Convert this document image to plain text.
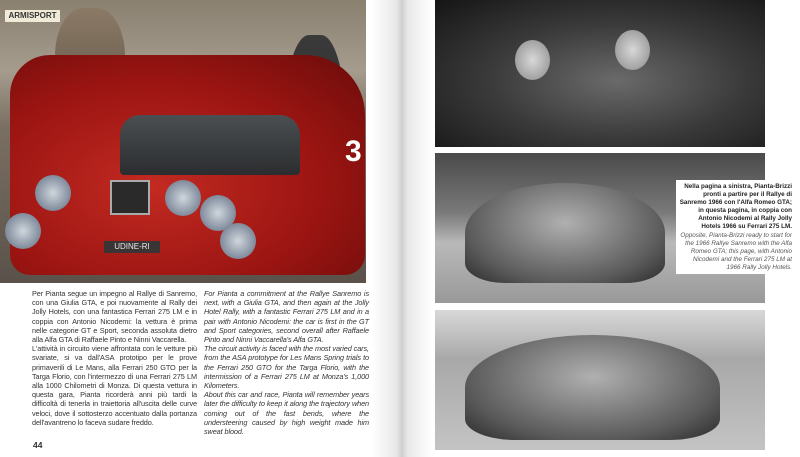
ARMISPORT
UDINE-RI
3
Nella pagina a sinistra, Pianta-Brizzi pronti a partire per il Rallye di Sanremo 1966 con l'Alfa Romeo GTA; in questa pagina, in coppia con Antonio Nicodemi al Rally Jolly Hotels 1966 su Ferrari 275 LM.
Opposite, Pianta-Brizzi ready to start for the 1966 Rallye Sanremo with the Alfa Romeo GTA; this page, with Antonio Nicodemi and the Ferrari 275 LM at 1966 Rally Jolly Hotels.

Per Pianta segue un impegno al Rallye di Sanremo, con una Giulia GTA, e poi nuovamente al Rally dei Jolly Hotels, con una fantastica Ferrari 275 LM e in coppia con Antonio Nicodemi: la vettura è prima nelle categorie GT e Sport, seconda assoluta dietro alla Alfa GTA di Raffaele Pinto e Ninni Vaccarella.

L'attività in circuito viene affrontata con le vetture più svariate, si va dall'ASA prototipo per le prove primaverili di Le Mans, alla Ferrari 250 GTO per la Targa Florio, con l'intermezzo di una Ferrari 275 LM alla 1000 Chilometri di Monza. Di questa vettura in questa gara, Pianta ricorderà anni più tardi la difficoltà di tenerla in traiettoria all'uscita delle curve veloci, dove il sottosterzo accentuato dalla portanza dell'avantreno lo faceva sudare freddo.

For Pianta a commitment at the Rallye Sanremo is next, with a Giulia GTA, and then again at the Jolly Hotel Rally, with a fantastic Ferrari 275 LM and in a pair with Antonio Nicodemi: the car is first in the GT and Sport categories, second overall after Raffaele Pinto and Ninni Vaccarella's Alfa GTA.

The circuit activity is faced with the most varied cars, from the ASA prototype for Les Mans Spring trials to the Ferrari 250 GTO for the Targa Florio, with the intermission of a Ferrari 275 LM at Monza's 1,000 Kilometers.

About this car and race, Pianta will remember years later the difficulty to keep it along the trajectory when coming out of the fast bends, where the understeering caused by high weight made him sweat blood.

44
